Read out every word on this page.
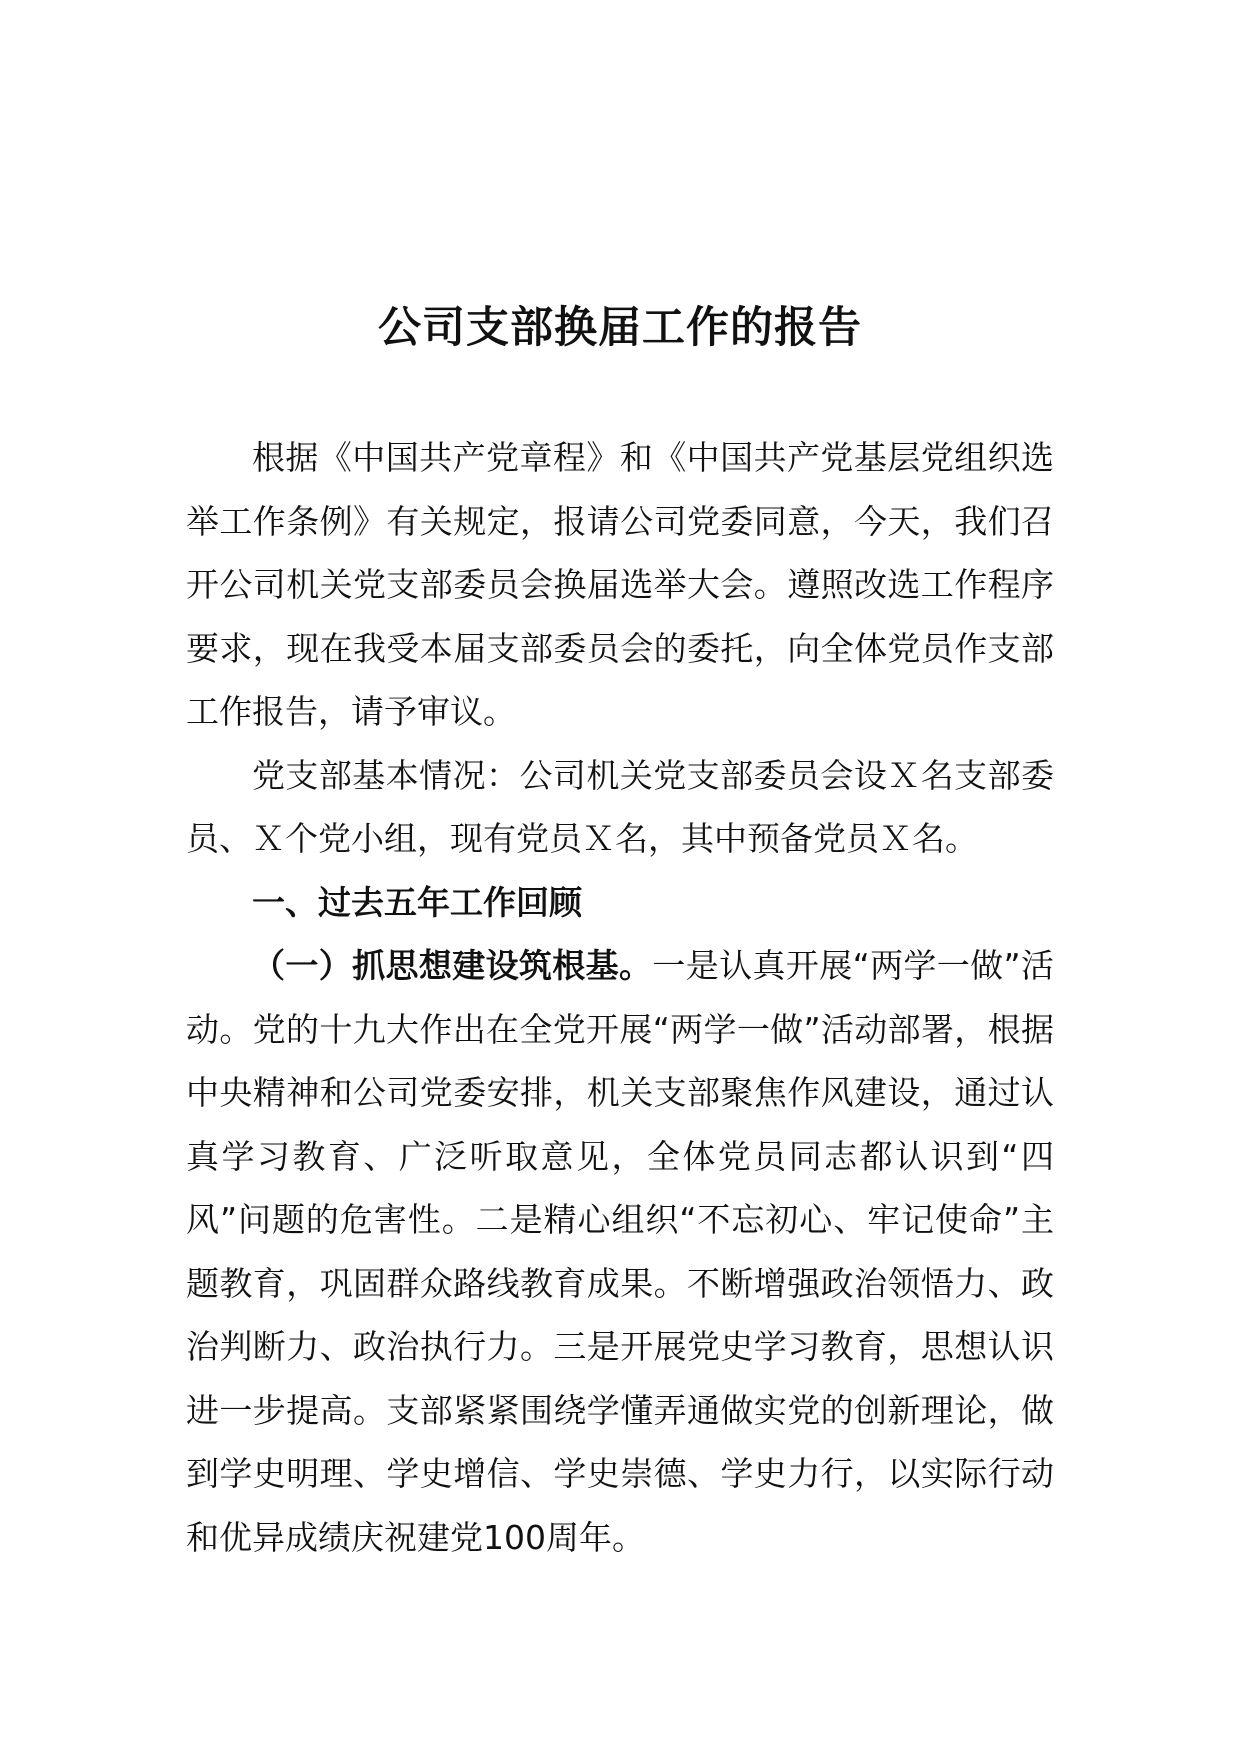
公司支部换届工作的报告

根据《中国共产党章程》和《中国共产党基层党组织选举工作条例》有关规定，报请公司党委同意，今天，我们召开公司机关党支部委员会换届选举大会。遵照改选工作程序要求，现在我受本届支部委员会的委托，向全体党员作支部工作报告，请予审议。

党支部基本情况：公司机关党支部委员会设Ｘ名支部委员、Ｘ个党小组，现有党员Ｘ名，其中预备党员Ｘ名。

一、过去五年工作回顾

（一）抓思想建设筑根基。一是认真开展“两学一做”活动。党的十九大作出在全党开展“两学一做”活动部署，根据中央精神和公司党委安排，机关支部聚焦作风建设，通过认真学习教育、广泛听取意见，全体党员同志都认识到“四风”问题的危害性。二是精心组织“不忘初心、牢记使命”主题教育，巩固群众路线教育成果。不断增强政治领悟力、政治判断力、政治执行力。三是开展党史学习教育，思想认识进一步提高。支部紧紧围绕学懂弄通做实党的创新理论，做到学史明理、学史增信、学史崇德、学史力行，以实际行动和优异成绩庆祝建党100周年。
